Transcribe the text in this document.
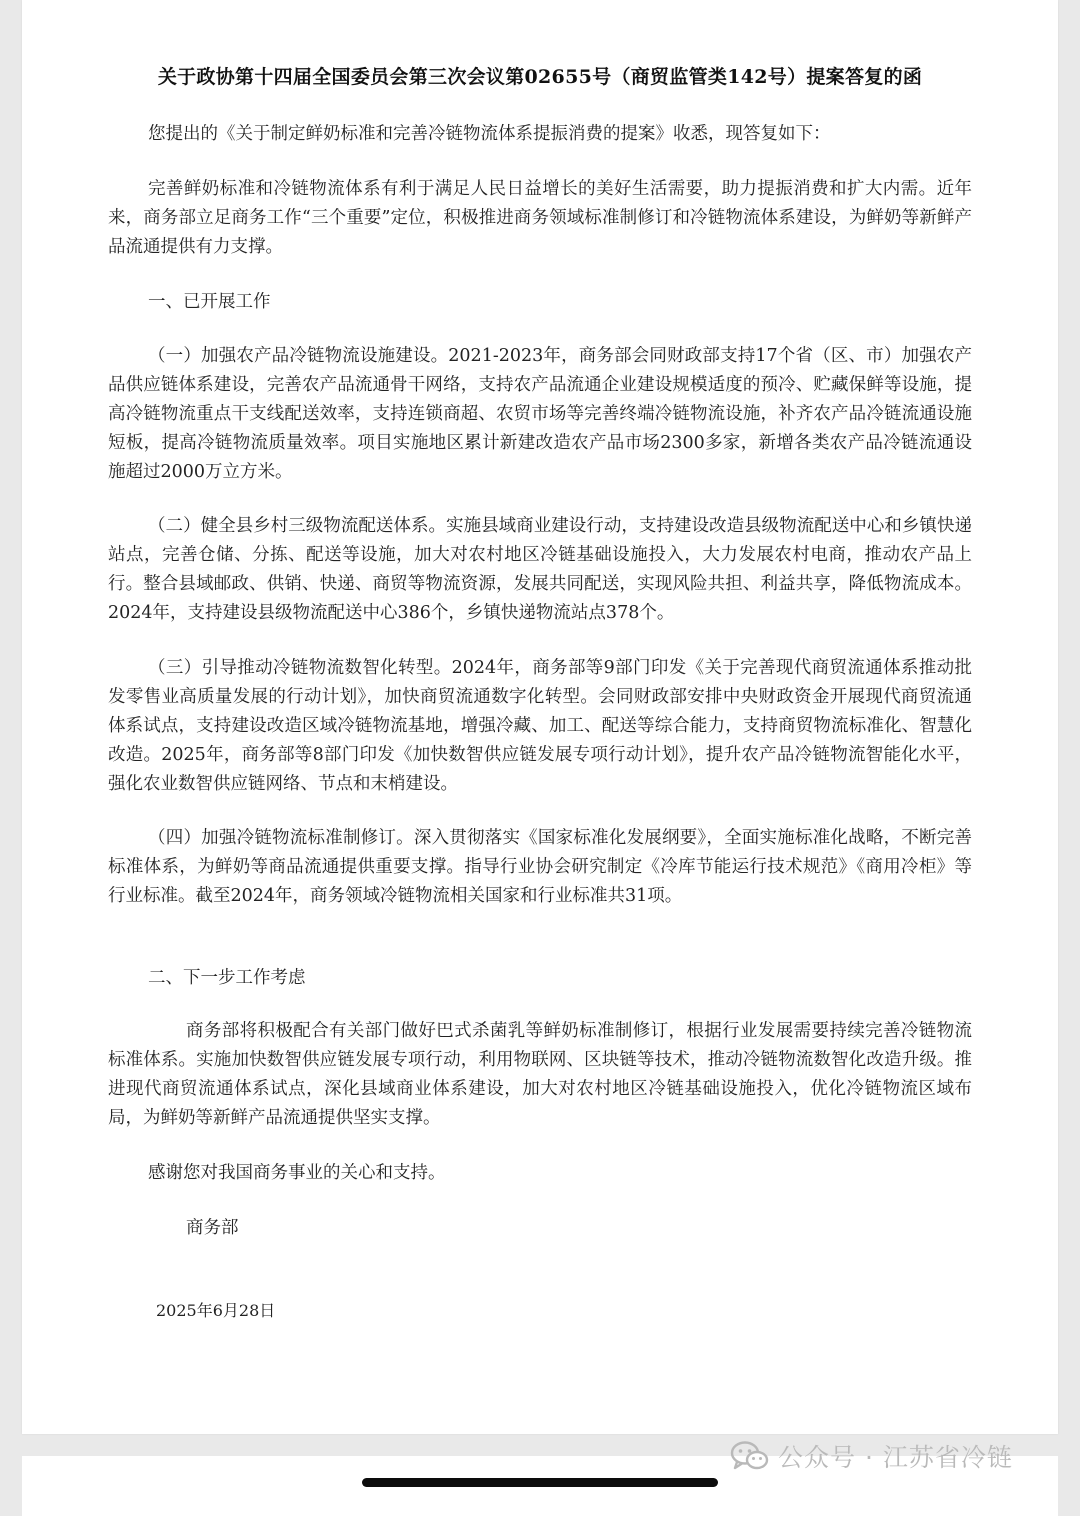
关于政协第十四届全国委员会第三次会议第02655号（商贸监管类142号）提案答复的函

您提出的《关于制定鲜奶标准和完善冷链物流体系提振消费的提案》收悉，现答复如下：

完善鲜奶标准和冷链物流体系有利于满足人民日益增长的美好生活需要，助力提振消费和扩大内需。近年来，商务部立足商务工作“三个重要”定位，积极推进商务领域标准制修订和冷链物流体系建设，为鲜奶等新鲜产品流通提供有力支撑。

一、已开展工作

（一）加强农产品冷链物流设施建设。2021-2023年，商务部会同财政部支持17个省（区、市）加强农产品供应链体系建设，完善农产品流通骨干网络，支持农产品流通企业建设规模适度的预冷、贮藏保鲜等设施，提高冷链物流重点干支线配送效率，支持连锁商超、农贸市场等完善终端冷链物流设施，补齐农产品冷链流通设施短板，提高冷链物流质量效率。项目实施地区累计新建改造农产品市场2300多家，新增各类农产品冷链流通设施超过2000万立方米。

（二）健全县乡村三级物流配送体系。实施县域商业建设行动，支持建设改造县级物流配送中心和乡镇快递站点，完善仓储、分拣、配送等设施，加大对农村地区冷链基础设施投入，大力发展农村电商，推动农产品上行。整合县域邮政、供销、快递、商贸等物流资源，发展共同配送，实现风险共担、利益共享，降低物流成本。2024年，支持建设县级物流配送中心386个，乡镇快递物流站点378个。

（三）引导推动冷链物流数智化转型。2024年，商务部等9部门印发《关于完善现代商贸流通体系推动批发零售业高质量发展的行动计划》，加快商贸流通数字化转型。会同财政部安排中央财政资金开展现代商贸流通体系试点，支持建设改造区域冷链物流基地，增强冷藏、加工、配送等综合能力，支持商贸物流标准化、智慧化改造。2025年，商务部等8部门印发《加快数智供应链发展专项行动计划》，提升农产品冷链物流智能化水平，强化农业数智供应链网络、节点和末梢建设。

（四）加强冷链物流标准制修订。深入贯彻落实《国家标准化发展纲要》，全面实施标准化战略，不断完善标准体系，为鲜奶等商品流通提供重要支撑。指导行业协会研究制定《冷库节能运行技术规范》《商用冷柜》等行业标准。截至2024年，商务领域冷链物流相关国家和行业标准共31项。

二、下一步工作考虑

商务部将积极配合有关部门做好巴式杀菌乳等鲜奶标准制修订，根据行业发展需要持续完善冷链物流标准体系。实施加快数智供应链发展专项行动，利用物联网、区块链等技术，推动冷链物流数智化改造升级。推进现代商贸流通体系试点，深化县域商业体系建设，加大对农村地区冷链基础设施投入，优化冷链物流区域布局，为鲜奶等新鲜产品流通提供坚实支撑。

感谢您对我国商务事业的关心和支持。

商务部
2025年6月28日
公众号 · 江苏省冷链
